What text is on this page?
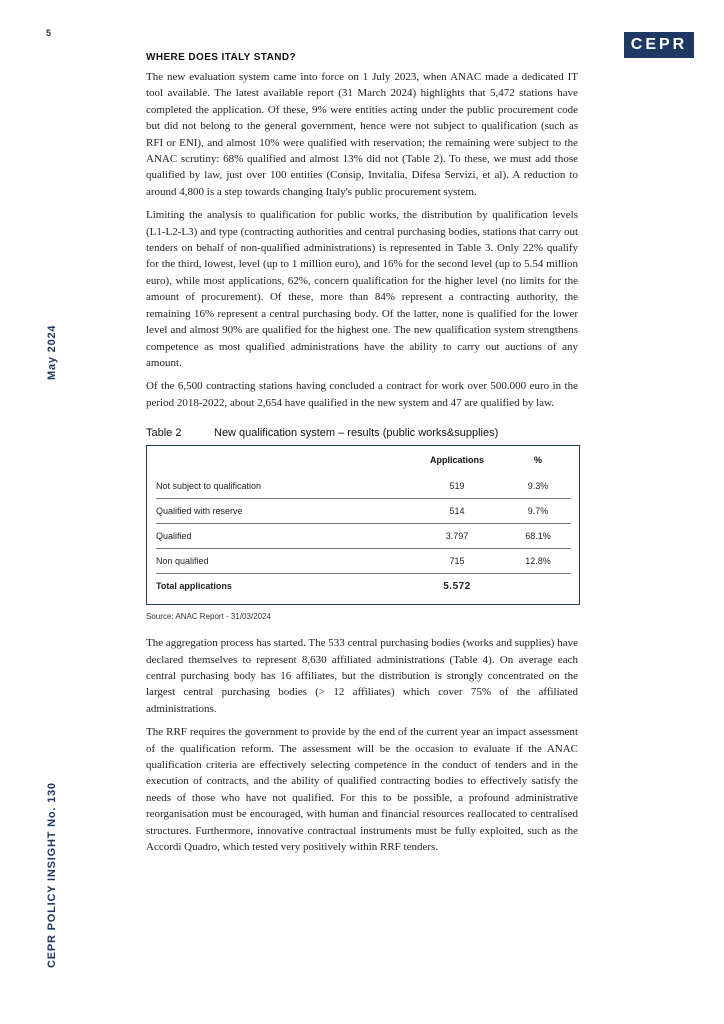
5
CEPR
May 2024
CEPR POLICY INSIGHT No. 130
WHERE DOES ITALY STAND?

The new evaluation system came into force on 1 July 2023, when ANAC made a dedicated IT tool available. The latest available report (31 March 2024) highlights that 5,472 stations have completed the application. Of these, 9% were entities acting under the public procurement code but did not belong to the general government, hence were not subject to qualification (such as RFI or ENI), and almost 10% were qualified with reservation; the remaining were subject to the ANAC scrutiny: 68% qualified and almost 13% did not (Table 2). To these, we must add those qualified by law, just over 100 entities (Consip, Invitalia, Difesa Servizi, et al). A reduction to around 4,800 is a step towards changing Italy's public procurement system.

Limiting the analysis to qualification for public works, the distribution by qualification levels (L1-L2-L3) and type (contracting authorities and central purchasing bodies, stations that carry out tenders on behalf of non-qualified administrations) is represented in Table 3. Only 22% qualify for the third, lowest, level (up to 1 million euro), and 16% for the second level (up to 5.54 million euro), while most applications, 62%, concern qualification for the higher level (no limits for the amount of procurement). Of these, more than 84% represent a contracting authority, the remaining 16% represent a central purchasing body. Of the latter, none is qualified for the lower level and almost 90% are qualified for the highest one. The new qualification system strengthens competence as most qualified administrations have the ability to carry out auctions of any amount.

Of the 6,500 contracting stations having concluded a contract for work over 500.000 euro in the period 2018-2022, about 2,654 have qualified in the new system and 47 are qualified by law.

Table 2	New qualification system – results (public works&supplies)
	Applications	%
Not subject to qualification	519	9.3%
Qualified with reserve	514	9.7%
Qualified	3.797	68.1%
Non qualified	715	12.8%
Total applications	5.572	
Source: ANAC Report - 31/03/2024

The aggregation process has started. The 533 central purchasing bodies (works and supplies) have declared themselves to represent 8,630 affiliated administrations (Table 4). On average each central purchasing body has 16 affiliates, but the distribution is strongly concentrated on the largest central purchasing bodies (> 12 affiliates) which cover 75% of the affiliated administrations.

The RRF requires the government to provide by the end of the current year an impact assessment of the qualification reform. The assessment will be the occasion to evaluate if the ANAC qualification criteria are effectively selecting competence in the conduct of tenders and in the execution of contracts, and the ability of qualified contracting bodies to effectively satisfy the needs of those who have not qualified. For this to be possible, a profound administrative reorganisation must be encouraged, with human and financial resources reallocated to centralised structures. Furthermore, innovative contractual instruments must be fully exploited, such as the Accordi Quadro, which tested very positively within RRF tenders.
